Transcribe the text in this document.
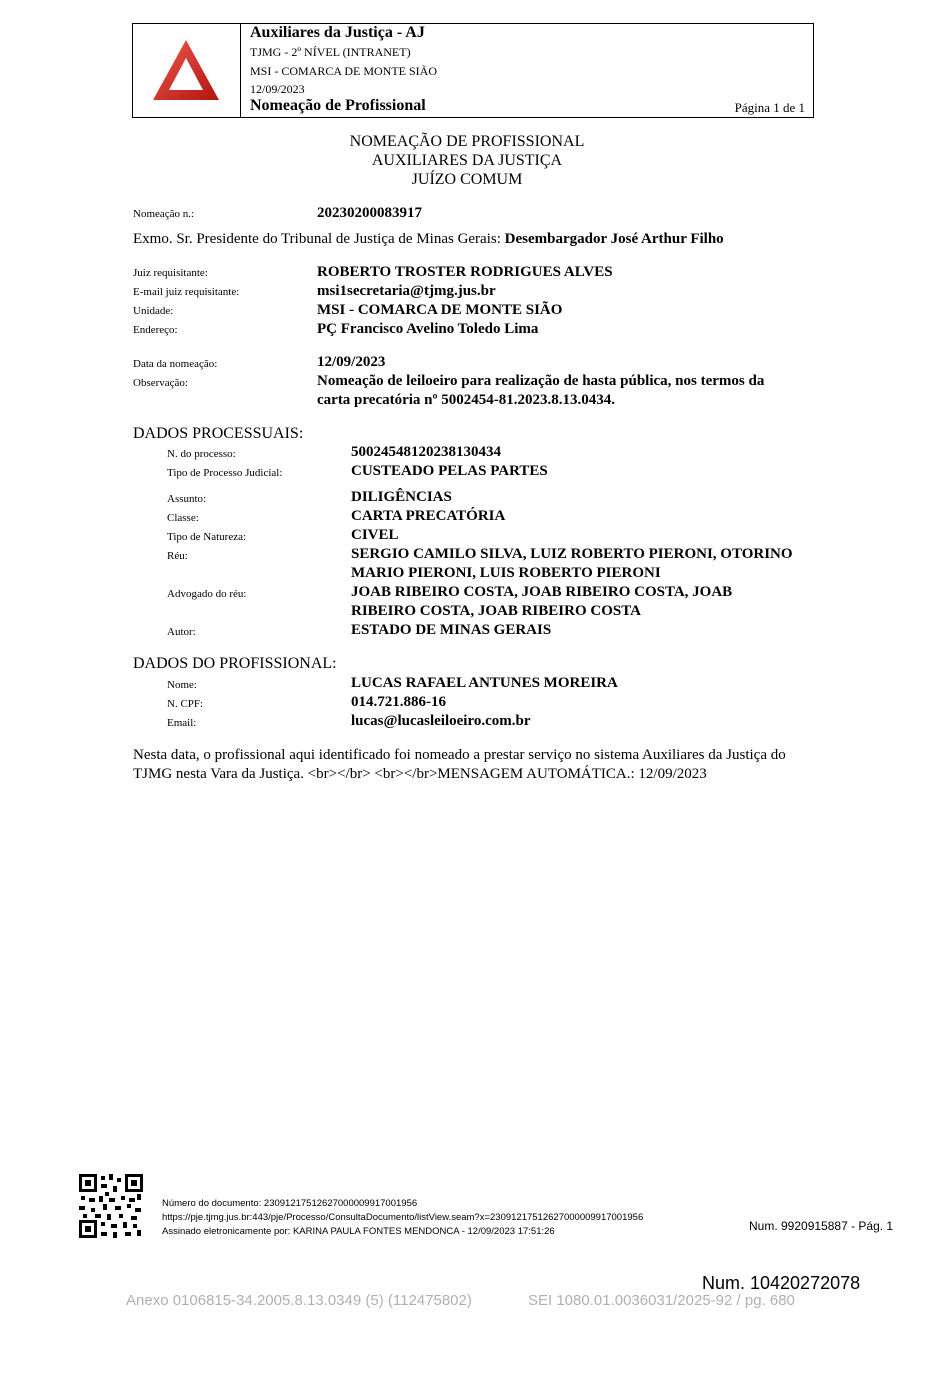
Auxiliares da Justiça - AJ
TJMG - 2º NÍVEL (INTRANET)
MSI - COMARCA DE MONTE SIÃO
12/09/2023
Nomeação de Profissional	Página 1 de 1
NOMEAÇÃO DE PROFISSIONAL
AUXILIARES DA JUSTIÇA
JUÍZO COMUM
Nomeação n.:	20230200083917
Exmo. Sr. Presidente do Tribunal de Justiça de Minas Gerais: Desembargador José Arthur Filho
Juiz requisitante:	ROBERTO TROSTER RODRIGUES ALVES
E-mail juiz requisitante:	msi1secretaria@tjmg.jus.br
Unidade:	MSI - COMARCA DE MONTE SIÃO
Endereço:	PÇ Francisco Avelino Toledo Lima
Data da nomeação:	12/09/2023
Observação:	Nomeação de leiloeiro para realização de hasta pública, nos termos da
carta precatória nº 5002454-81.2023.8.13.0434.
DADOS PROCESSUAIS:
N. do processo:	50024548120238130434
Tipo de Processo Judicial:	CUSTEADO PELAS PARTES
Assunto:	DILIGÊNCIAS
Classe:	CARTA PRECATÓRIA
Tipo de Natureza:	CIVEL
Réu:	SERGIO CAMILO SILVA, LUIZ ROBERTO PIERONI, OTORINO
MARIO PIERONI, LUIS ROBERTO PIERONI
Advogado do réu:	JOAB RIBEIRO COSTA, JOAB RIBEIRO COSTA, JOAB
RIBEIRO COSTA, JOAB RIBEIRO COSTA
Autor:	ESTADO DE MINAS GERAIS
DADOS DO PROFISSIONAL:
Nome:	LUCAS RAFAEL ANTUNES MOREIRA
N. CPF:	014.721.886-16
Email:	lucas@lucasleiloeiro.com.br
Nesta data, o profissional aqui identificado foi nomeado a prestar serviço no sistema Auxiliares da Justiça do
TJMG nesta Vara da Justiça. <br></br> <br></br>MENSAGEM AUTOMÁTICA.: 12/09/2023
Número do documento: 23091217512627000009917001956
https://pje.tjmg.jus.br:443/pje/Processo/ConsultaDocumento/listView.seam?x=23091217512627000009917001956
Assinado eletronicamente por: KARINA PAULA FONTES MENDONCA - 12/09/2023 17:51:26	Num. 9920915887 - Pág. 1
Num. 10420272078
Anexo 0106815-34.2005.8.13.0349 (5) (112475802)	SEI 1080.01.0036031/2025-92 / pg. 680
